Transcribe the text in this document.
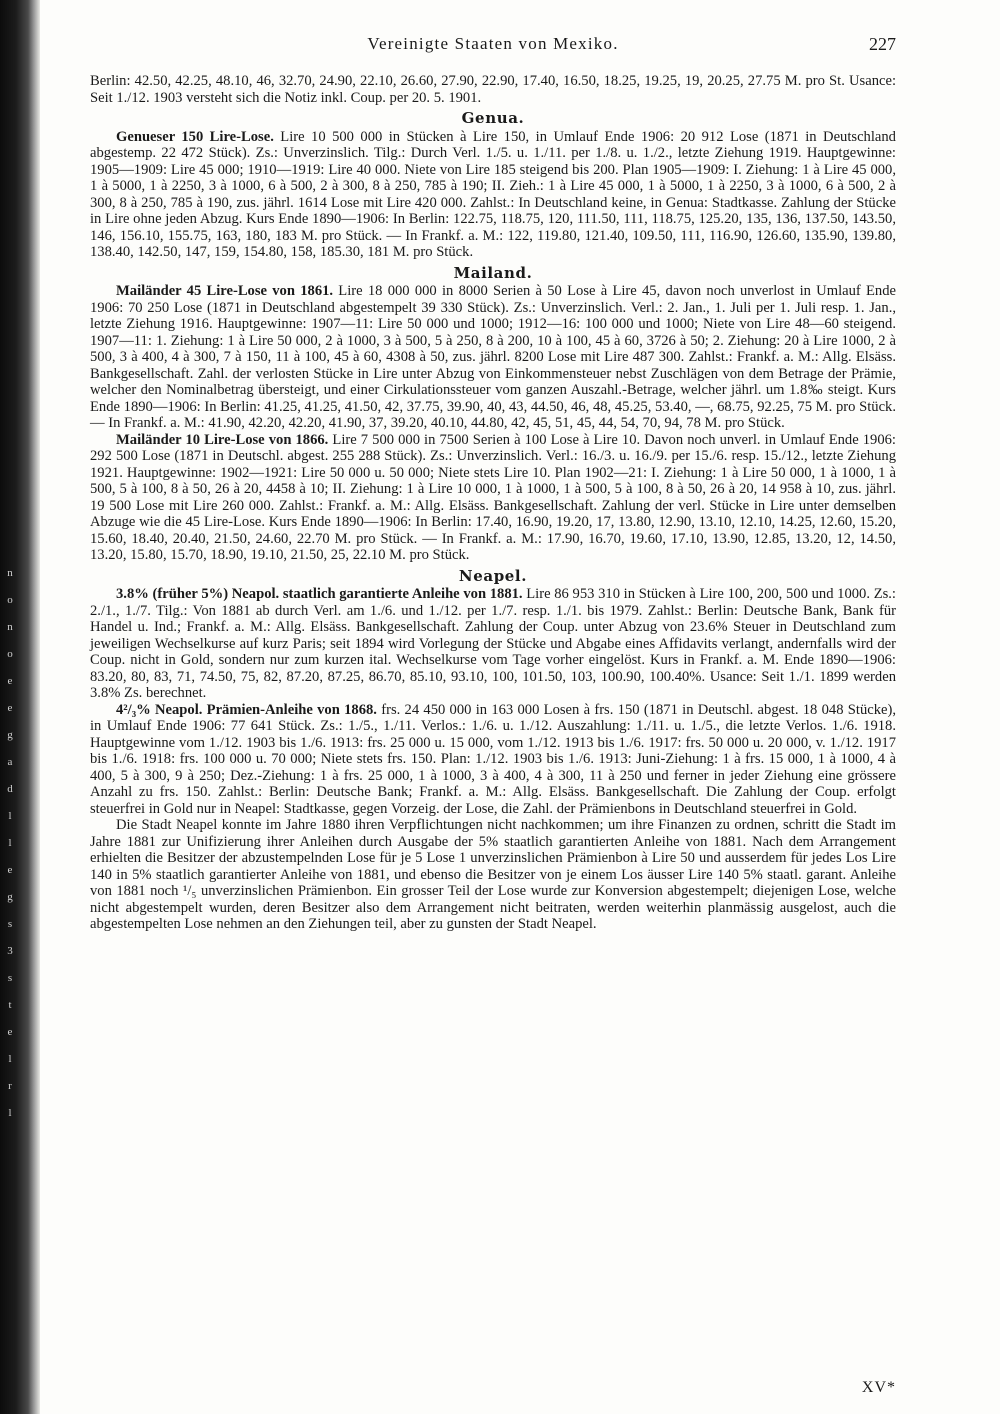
n
o
n
o
e
e
g
a
d
l
l
e
g
s
3
s
t
e
l
r
l
Vereinigte Staaten von Mexiko.	227

Berlin: 42.50, 42.25, 48.10, 46, 32.70, 24.90, 22.10, 26.60, 27.90, 22.90, 17.40, 16.50, 18.25, 19.25, 19, 20.25, 27.75 M. pro St. Usance: Seit 1./12. 1903 versteht sich die Notiz inkl. Coup. per 20. 5. 1901.

Genua.

Genueser 150 Lire-Lose. Lire 10 500 000 in Stücken à Lire 150, in Umlauf Ende 1906: 20 912 Lose (1871 in Deutschland abgestemp. 22 472 Stück). Zs.: Unverzinslich. Tilg.: Durch Verl. 1./5. u. 1./11. per 1./8. u. 1./2., letzte Ziehung 1919. Hauptgewinne: 1905—1909: Lire 45 000; 1910—1919: Lire 40 000. Niete von Lire 185 steigend bis 200. Plan 1905—1909: I. Ziehung: 1 à Lire 45 000, 1 à 5000, 1 à 2250, 3 à 1000, 6 à 500, 2 à 300, 8 à 250, 785 à 190; II. Zieh.: 1 à Lire 45 000, 1 à 5000, 1 à 2250, 3 à 1000, 6 à 500, 2 à 300, 8 à 250, 785 à 190, zus. jährl. 1614 Lose mit Lire 420 000. Zahlst.: In Deutschland keine, in Genua: Stadtkasse. Zahlung der Stücke in Lire ohne jeden Abzug. Kurs Ende 1890—1906: In Berlin: 122.75, 118.75, 120, 111.50, 111, 118.75, 125.20, 135, 136, 137.50, 143.50, 146, 156.10, 155.75, 163, 180, 183 M. pro Stück. — In Frankf. a. M.: 122, 119.80, 121.40, 109.50, 111, 116.90, 126.60, 135.90, 139.80, 138.40, 142.50, 147, 159, 154.80, 158, 185.30, 181 M. pro Stück.

Mailand.

Mailänder 45 Lire-Lose von 1861. Lire 18 000 000 in 8000 Serien à 50 Lose à Lire 45, davon noch unverlost in Umlauf Ende 1906: 70 250 Lose (1871 in Deutschland abgestempelt 39 330 Stück). Zs.: Unverzinslich. Verl.: 2. Jan., 1. Juli per 1. Juli resp. 1. Jan., letzte Ziehung 1916. Hauptgewinne: 1907—11: Lire 50 000 und 1000; 1912—16: 100 000 und 1000; Niete von Lire 48—60 steigend. 1907—11: 1. Ziehung: 1 à Lire 50 000, 2 à 1000, 3 à 500, 5 à 250, 8 à 200, 10 à 100, 45 à 60, 3726 à 50; 2. Ziehung: 20 à Lire 1000, 2 à 500, 3 à 400, 4 à 300, 7 à 150, 11 à 100, 45 à 60, 4308 à 50, zus. jährl. 8200 Lose mit Lire 487 300. Zahlst.: Frankf. a. M.: Allg. Elsäss. Bankgesellschaft. Zahl. der verlosten Stücke in Lire unter Abzug von Einkommensteuer nebst Zuschlägen von dem Betrage der Prämie, welcher den Nominalbetrag übersteigt, und einer Cirkulationssteuer vom ganzen Auszahl.-Betrage, welcher jährl. um 1.8‰ steigt. Kurs Ende 1890—1906: In Berlin: 41.25, 41.25, 41.50, 42, 37.75, 39.90, 40, 43, 44.50, 46, 48, 45.25, 53.40, —, 68.75, 92.25, 75 M. pro Stück. — In Frankf. a. M.: 41.90, 42.20, 42.20, 41.90, 37, 39.20, 40.10, 44.80, 42, 45, 51, 45, 44, 54, 70, 94, 78 M. pro Stück.

Mailänder 10 Lire-Lose von 1866. Lire 7 500 000 in 7500 Serien à 100 Lose à Lire 10. Davon noch unverl. in Umlauf Ende 1906: 292 500 Lose (1871 in Deutschl. abgest. 255 288 Stück). Zs.: Unverzinslich. Verl.: 16./3. u. 16./9. per 15./6. resp. 15./12., letzte Ziehung 1921. Hauptgewinne: 1902—1921: Lire 50 000 u. 50 000; Niete stets Lire 10. Plan 1902—21: I. Ziehung: 1 à Lire 50 000, 1 à 1000, 1 à 500, 5 à 100, 8 à 50, 26 à 20, 4458 à 10; II. Ziehung: 1 à Lire 10 000, 1 à 1000, 1 à 500, 5 à 100, 8 à 50, 26 à 20, 14 958 à 10, zus. jährl. 19 500 Lose mit Lire 260 000. Zahlst.: Frankf. a. M.: Allg. Elsäss. Bankgesellschaft. Zahlung der verl. Stücke in Lire unter demselben Abzuge wie die 45 Lire-Lose. Kurs Ende 1890—1906: In Berlin: 17.40, 16.90, 19.20, 17, 13.80, 12.90, 13.10, 12.10, 14.25, 12.60, 15.20, 15.60, 18.40, 20.40, 21.50, 24.60, 22.70 M. pro Stück. — In Frankf. a. M.: 17.90, 16.70, 19.60, 17.10, 13.90, 12.85, 13.20, 12, 14.50, 13.20, 15.80, 15.70, 18.90, 19.10, 21.50, 25, 22.10 M. pro Stück.

Neapel.

3.8% (früher 5%) Neapol. staatlich garantierte Anleihe von 1881. Lire 86 953 310 in Stücken à Lire 100, 200, 500 und 1000. Zs.: 2./1., 1./7. Tilg.: Von 1881 ab durch Verl. am 1./6. und 1./12. per 1./7. resp. 1./1. bis 1979. Zahlst.: Berlin: Deutsche Bank, Bank für Handel u. Ind.; Frankf. a. M.: Allg. Elsäss. Bankgesellschaft. Zahlung der Coup. unter Abzug von 23.6% Steuer in Deutschland zum jeweiligen Wechselkurse auf kurz Paris; seit 1894 wird Vorlegung der Stücke und Abgabe eines Affidavits verlangt, andernfalls wird der Coup. nicht in Gold, sondern nur zum kurzen ital. Wechselkurse vom Tage vorher eingelöst. Kurs in Frankf. a. M. Ende 1890—1906: 83.20, 80, 83, 71, 74.50, 75, 82, 87.20, 87.25, 86.70, 85.10, 93.10, 100, 101.50, 103, 100.90, 100.40%. Usance: Seit 1./1. 1899 werden 3.8% Zs. berechnet.

4²/₃% Neapol. Prämien-Anleihe von 1868. frs. 24 450 000 in 163 000 Losen à frs. 150 (1871 in Deutschl. abgest. 18 048 Stücke), in Umlauf Ende 1906: 77 641 Stück. Zs.: 1./5., 1./11. Verlos.: 1./6. u. 1./12. Auszahlung: 1./11. u. 1./5., die letzte Verlos. 1./6. 1918. Hauptgewinne vom 1./12. 1903 bis 1./6. 1913: frs. 25 000 u. 15 000, vom 1./12. 1913 bis 1./6. 1917: frs. 50 000 u. 20 000, v. 1./12. 1917 bis 1./6. 1918: frs. 100 000 u. 70 000; Niete stets frs. 150. Plan: 1./12. 1903 bis 1./6. 1913: Juni-Ziehung: 1 à frs. 15 000, 1 à 1000, 4 à 400, 5 à 300, 9 à 250; Dez.-Ziehung: 1 à frs. 25 000, 1 à 1000, 3 à 400, 4 à 300, 11 à 250 und ferner in jeder Ziehung eine grössere Anzahl zu frs. 150. Zahlst.: Berlin: Deutsche Bank; Frankf. a. M.: Allg. Elsäss. Bankgesellschaft. Die Zahlung der Coup. erfolgt steuerfrei in Gold nur in Neapel: Stadtkasse, gegen Vorzeig. der Lose, die Zahl. der Prämienbons in Deutschland steuerfrei in Gold.

Die Stadt Neapel konnte im Jahre 1880 ihren Verpflichtungen nicht nachkommen; um ihre Finanzen zu ordnen, schritt die Stadt im Jahre 1881 zur Unifizierung ihrer Anleihen durch Ausgabe der 5% staatlich garantierten Anleihe von 1881. Nach dem Arrangement erhielten die Besitzer der abzustempelnden Lose für je 5 Lose 1 unverzinslichen Prämienbon à Lire 50 und ausserdem für jedes Los Lire 140 in 5% staatlich garantierter Anleihe von 1881, und ebenso die Besitzer von je einem Los äusser Lire 140 5% staatl. garant. Anleihe von 1881 noch ¹/₅ unverzinslichen Prämienbon. Ein grosser Teil der Lose wurde zur Konversion abgestempelt; diejenigen Lose, welche nicht abgestempelt wurden, deren Besitzer also dem Arrangement nicht beitraten, werden weiterhin planmässig ausgelost, auch die abgestempelten Lose nehmen an den Ziehungen teil, aber zu gunsten der Stadt Neapel.

XV*
